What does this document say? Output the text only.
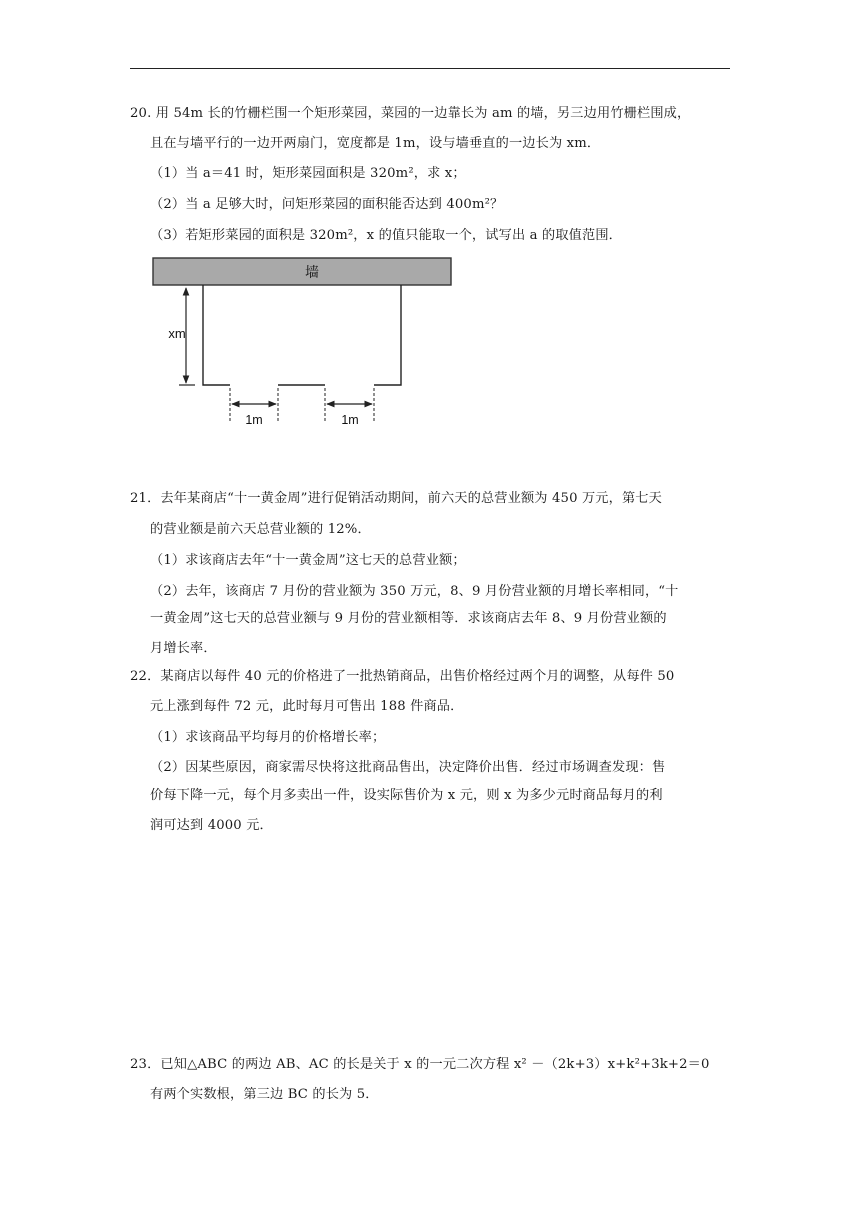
20. 用 54m 长的竹栅栏围一个矩形菜园，菜园的一边靠长为 am 的墙，另三边用竹栅栏围成，
且在与墙平行的一边开两扇门，宽度都是 1m，设与墙垂直的一边长为 xm．
（1）当 a＝41 时，矩形菜园面积是 320m²，求 x；
（2）当 a 足够大时，问矩形菜园的面积能否达到 400m²？
（3）若矩形菜园的面积是 320m²，x 的值只能取一个，试写出 a 的取值范围．
墙
xm
1m	1m
21．去年某商店“十一黄金周”进行促销活动期间，前六天的总营业额为 450 万元，第七天
的营业额是前六天总营业额的 12%．
（1）求该商店去年“十一黄金周”这七天的总营业额；
（2）去年，该商店 7 月份的营业额为 350 万元，8、9 月份营业额的月增长率相同，“十
一黄金周”这七天的总营业额与 9 月份的营业额相等．求该商店去年 8、9 月份营业额的
月增长率．
22．某商店以每件 40 元的价格进了一批热销商品，出售价格经过两个月的调整，从每件 50
元上涨到每件 72 元，此时每月可售出 188 件商品．
（1）求该商品平均每月的价格增长率；
（2）因某些原因，商家需尽快将这批商品售出，决定降价出售．经过市场调查发现：售
价每下降一元，每个月多卖出一件，设实际售价为 x 元，则 x 为多少元时商品每月的利
润可达到 4000 元．
23．已知△ABC 的两边 AB、AC 的长是关于 x 的一元二次方程 x² －（2k+3）x+k²+3k+2＝0
有两个实数根，第三边 BC 的长为 5．
